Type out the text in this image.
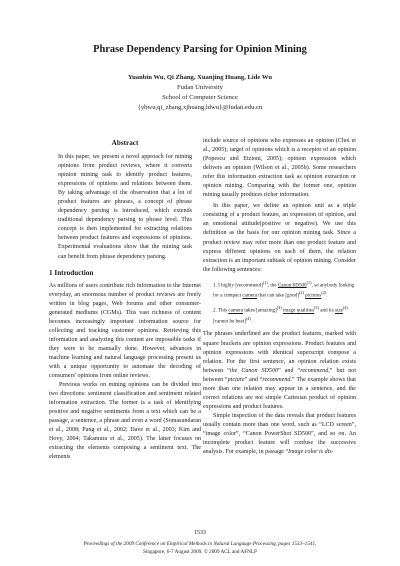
Phrase Dependency Parsing for Opinion Mining
Yuanbin Wu, Qi Zhang, Xuanjing Huang, Lide Wu
Fudan University
School of Computer Science
{ybwu,qi_zhang,xjhuang,ldwu}@fudan.edu.cn
Abstract

In this paper, we present a novel approach for mining opinions from product reviews, where it converts opinion mining task to identify product features, expressions of opinions and relations between them. By taking advantage of the observation that a lot of product features are phrases, a concept of phrase dependency parsing is introduced, which extends traditional dependency parsing to phrase level. This concept is then implemented for extracting relations between product features and expressions of opinions. Experimental evaluations show that the mining task can benefit from phrase dependency parsing.

1 Introduction

As millions of users contribute rich information to the Internet everyday, an enormous number of product reviews are freely written in blog pages, Web forums and other consumer-generated mediums (CGMs). This vast richness of content becomes increasingly important information source for collecting and tracking customer opinions. Retrieving this information and analyzing this content are impossible tasks if they were to be manually done. However, advances in machine learning and natural language processing present us with a unique opportunity to automate the decoding of consumers' opinions from online reviews.

Previous works on mining opinions can be divided into two directions: sentiment classification and sentiment related information extraction. The former is a task of identifying positive and negative sentiments from a text which can be a passage, a sentence, a phrase and even a word (Somasundaran et al., 2008; Pang et al., 2002; Dave et al., 2003; Kim and Hovy, 2004; Takamura et al., 2005). The latter focuses on extracting the elements composing a sentiment text. The elements

include source of opinions who expresses an opinion (Choi et al., 2005); target of opinions which is a receptor of an opinion (Popescu and Etzioni, 2005); opinion expression which delivers an opinion (Wilson et al., 2005b). Some researchers refer this information extraction task as opinion extraction or opinion mining. Comparing with the former one, opinion mining usually produces richer information.

In this paper, we define an opinion unit as a triple consisting of a product feature, an expression of opinion, and an emotional attitude(positive or negative). We use this definition as the basis for our opinion mining task. Since a product review may refer more than one product feature and express different opinions on each of them, the relation extraction is an important subtask of opinion mining. Consider the following sentences:

1. I highly [recommend]$^{(1)}$, the Canon SD500$^{(1)}$, so anybody looking for a compact camera that can take [good]$^{(2)}$ pictures$^{(2)}$.
2. This camera takes [amazing]$^{(3)}$ image qualities$^{(3)}$ and its size$^{(4)}$ [cannot be beat]$^{(4)}$.

The phrases underlined are the product features, marked with square brackets are opinion expressions. Product features and opinion expressions with identical superscript compose a relation. For the first sentence, an opinion relation exists between “the Canon SD500” and “recommend,” but not between “picture” and “recommend.” The example shows that more than one relation may appear in a sentence, and the correct relations are not simple Cartesian product of opinion expressions and product features.

Simple inspection of the data reveals that product features usually contain more than one word, such as “LCD screen”, “image color”, “Canon PowerShot SD500”, and so on. An incomplete product feature will confuse the successive analysis. For example, in passage “Image color is dis-

1533
Proceedings of the 2009 Conference on Empirical Methods in Natural Language Processing, pages 1533–1541,
Singapore, 6-7 August 2009. © 2009 ACL and AFNLP
